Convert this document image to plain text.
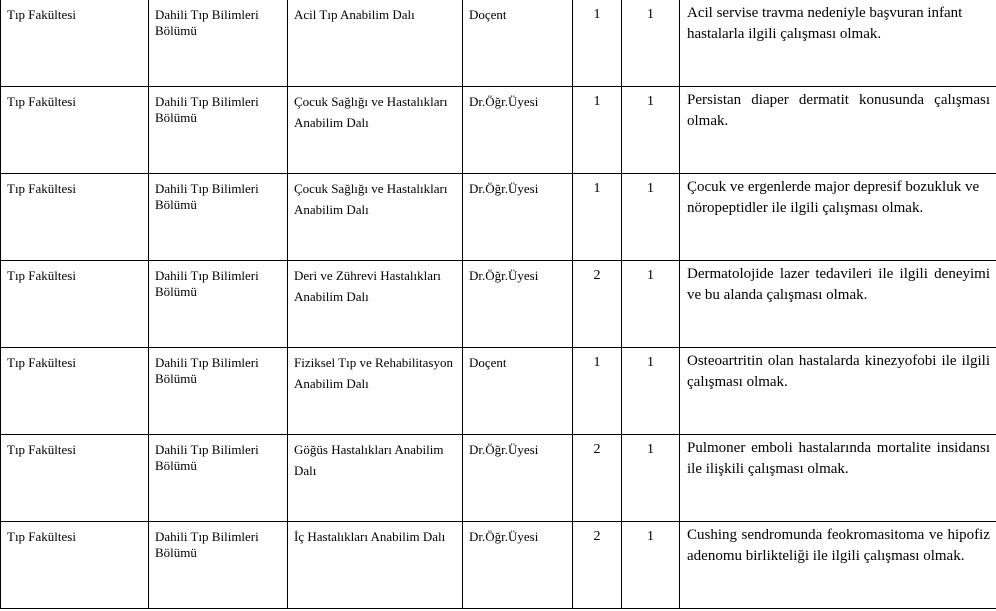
Tıp Fakültesi	Dahili Tıp Bilimleri Bölümü	Acil Tıp Anabilim Dalı	Doçent	1	1	Acil servise travma nedeniyle başvuran infant hastalarla ilgili çalışması olmak.

Tıp Fakültesi	Dahili Tıp Bilimleri Bölümü	Çocuk Sağlığı ve Hastalıkları Anabilim Dalı	Dr.Öğr.Üyesi	1	1	Persistan diaper dermatit konusunda çalışması olmak.

Tıp Fakültesi	Dahili Tıp Bilimleri Bölümü	Çocuk Sağlığı ve Hastalıkları Anabilim Dalı	Dr.Öğr.Üyesi	1	1	Çocuk ve ergenlerde major depresif bozukluk ve nöropeptidler ile ilgili çalışması olmak.

Tıp Fakültesi	Dahili Tıp Bilimleri Bölümü	Deri ve Zührevi Hastalıkları Anabilim Dalı	Dr.Öğr.Üyesi	2	1	Dermatolojide lazer tedavileri ile ilgili deneyimi ve bu alanda çalışması olmak.

Tıp Fakültesi	Dahili Tıp Bilimleri Bölümü	Fiziksel Tıp ve Rehabilitasyon Anabilim Dalı	Doçent	1	1	Osteoartritin olan hastalarda kinezyofobi ile ilgili çalışması olmak.

Tıp Fakültesi	Dahili Tıp Bilimleri Bölümü	Göğüs Hastalıkları Anabilim Dalı	Dr.Öğr.Üyesi	2	1	Pulmoner emboli hastalarında mortalite insidansı ile ilişkili çalışması olmak.

Tıp Fakültesi	Dahili Tıp Bilimleri Bölümü	İç Hastalıkları Anabilim Dalı	Dr.Öğr.Üyesi	2	1	Cushing sendromunda feokromasitoma ve hipofiz adenomu birlikteliği ile ilgili çalışması olmak.
